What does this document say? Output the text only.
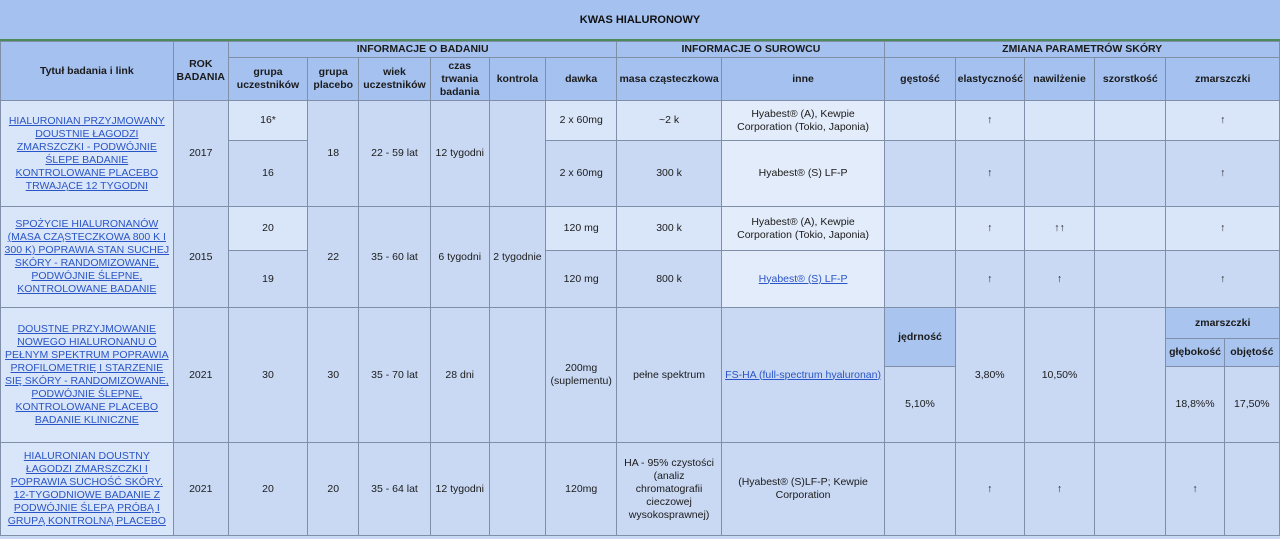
KWAS HIALURONOWY
Tytuł badania i link	ROK BADANIA	INFORMACJE O BADANIU						INFORMACJE O SUROWCU		ZMIANA PARAMETRÓW SKÓRY					
		grupa uczestników	grupa placebo	wiek uczestników	czas trwania badania	kontrola	dawka	masa cząsteczkowa	inne	gęstość	elastyczność	nawilżenie	szorstkość	zmarszczki	
HIALURONIAN PRZYJMOWANY DOUSTNIE ŁAGODZI ZMARSZCZKI - PODWÓJNIE ŚLEPE BADANIE KONTROLOWANE PLACEBO TRWAJĄCE 12 TYGODNI	2017	16*	18	22 - 59 lat	12 tygodni		2 x 60mg	~2 k	Hyabest® (A), Kewpie Corporation (Tokio, Japonia)		↑			↑	
		16					2 x 60mg	300 k	Hyabest® (S) LF-P		↑			↑	
SPOŻYCIE HIALURONANÓW (MASA CZĄSTECZKOWA 800 K I 300 K) POPRAWIA STAN SUCHEJ SKÓRY - RANDOMIZOWANE, PODWÓJNIE ŚLEPNE, KONTROLOWANE BADANIE	2015	20	22	35 - 60 lat	6 tygodni	2 tygodnie	120 mg	300 k	Hyabest® (A), Kewpie Corporation (Tokio, Japonia)		↑	↑↑		↑	
		19					120 mg	800 k	Hyabest® (S) LF-P		↑	↑		↑	
DOUSTNE PRZYJMOWANIE NOWEGO HIALURONANU O PEŁNYM SPEKTRUM POPRAWIA PROFILOMETRIĘ I STARZENIE SIĘ SKÓRY - RANDOMIZOWANE, PODWÓJNIE ŚLEPNE, KONTROLOWANE PLACEBO BADANIE KLINICZNE	2021	30	30	35 - 70 lat	28 dni		200mg (suplementu)	pełne spektrum	FS-HA (full-spectrum hyaluronan)	jędrność	3,80%	10,50%		zmarszczki	
														głębokość	objętość
										5,10%				18,8%%	17,50%
HIALURONIAN DOUSTNY ŁAGODZI ZMARSZCZKI I POPRAWIA SUCHOŚĆ SKÓRY. 12-TYGODNIOWE BADANIE Z PODWÓJNIE ŚLEPĄ PRÓBĄ I GRUPĄ KONTROLNĄ PLACEBO	2021	20	20	35 - 64 lat	12 tygodni		120mg	HA - 95% czystości (analiz chromatografii cieczowej wysokosprawnej)	(Hyabest® (S)LF-P; Kewpie Corporation		↑	↑		↑	
